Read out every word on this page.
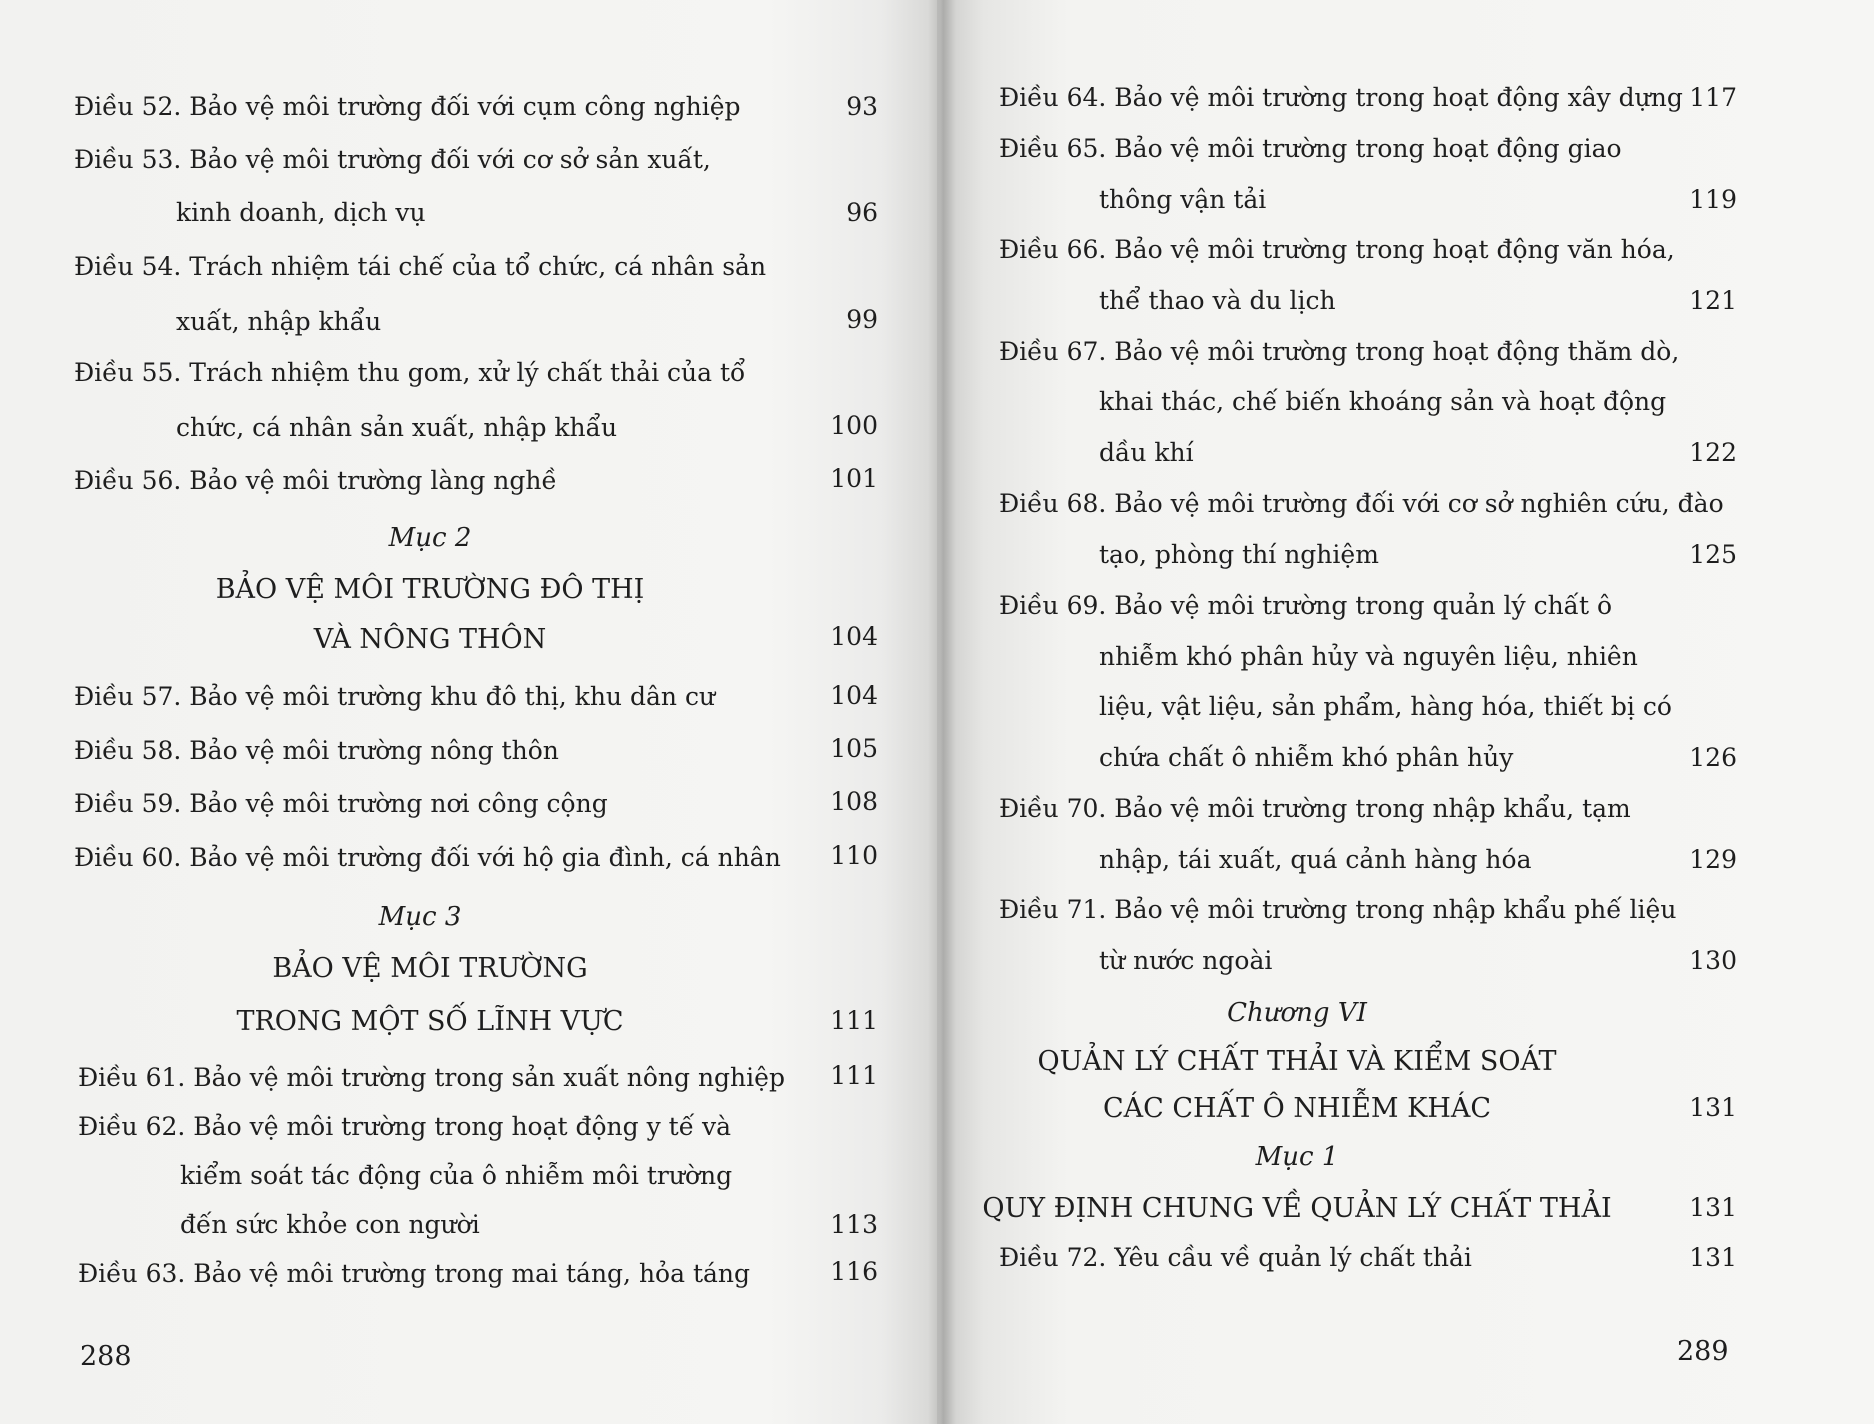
Điều 52. Bảo vệ môi trường đối với cụm công nghiệp	93
Điều 53. Bảo vệ môi trường đối với cơ sở sản xuất,
kinh doanh, dịch vụ	96
Điều 54. Trách nhiệm tái chế của tổ chức, cá nhân sản
xuất, nhập khẩu	99
Điều 55. Trách nhiệm thu gom, xử lý chất thải của tổ
chức, cá nhân sản xuất, nhập khẩu	100
Điều 56. Bảo vệ môi trường làng nghề	101
Mục 2
BẢO VỆ MÔI TRƯỜNG ĐÔ THỊ
VÀ NÔNG THÔN	104
Điều 57. Bảo vệ môi trường khu đô thị, khu dân cư	104
Điều 58. Bảo vệ môi trường nông thôn	105
Điều 59. Bảo vệ môi trường nơi công cộng	108
Điều 60. Bảo vệ môi trường đối với hộ gia đình, cá nhân	110
Mục 3
BẢO VỆ MÔI TRƯỜNG
TRONG MỘT SỐ LĨNH VỰC	111
Điều 61. Bảo vệ môi trường trong sản xuất nông nghiệp	111
Điều 62. Bảo vệ môi trường trong hoạt động y tế và
kiểm soát tác động của ô nhiễm môi trường
đến sức khỏe con người	113
Điều 63. Bảo vệ môi trường trong mai táng, hỏa táng	116
288
Điều 64. Bảo vệ môi trường trong hoạt động xây dựng 117
Điều 65. Bảo vệ môi trường trong hoạt động giao
thông vận tải	119
Điều 66. Bảo vệ môi trường trong hoạt động văn hóa,
thể thao và du lịch	121
Điều 67. Bảo vệ môi trường trong hoạt động thăm dò,
khai thác, chế biến khoáng sản và hoạt động
dầu khí	122
Điều 68. Bảo vệ môi trường đối với cơ sở nghiên cứu, đào
tạo, phòng thí nghiệm	125
Điều 69. Bảo vệ môi trường trong quản lý chất ô
nhiễm khó phân hủy và nguyên liệu, nhiên
liệu, vật liệu, sản phẩm, hàng hóa, thiết bị có
chứa chất ô nhiễm khó phân hủy	126
Điều 70. Bảo vệ môi trường trong nhập khẩu, tạm
nhập, tái xuất, quá cảnh hàng hóa	129
Điều 71. Bảo vệ môi trường trong nhập khẩu phế liệu
từ nước ngoài	130
Chương VI
QUẢN LÝ CHẤT THẢI VÀ KIỂM SOÁT
CÁC CHẤT Ô NHIỄM KHÁC	131
Mục 1
QUY ĐỊNH CHUNG VỀ QUẢN LÝ CHẤT THẢI	131
Điều 72. Yêu cầu về quản lý chất thải	131
289
